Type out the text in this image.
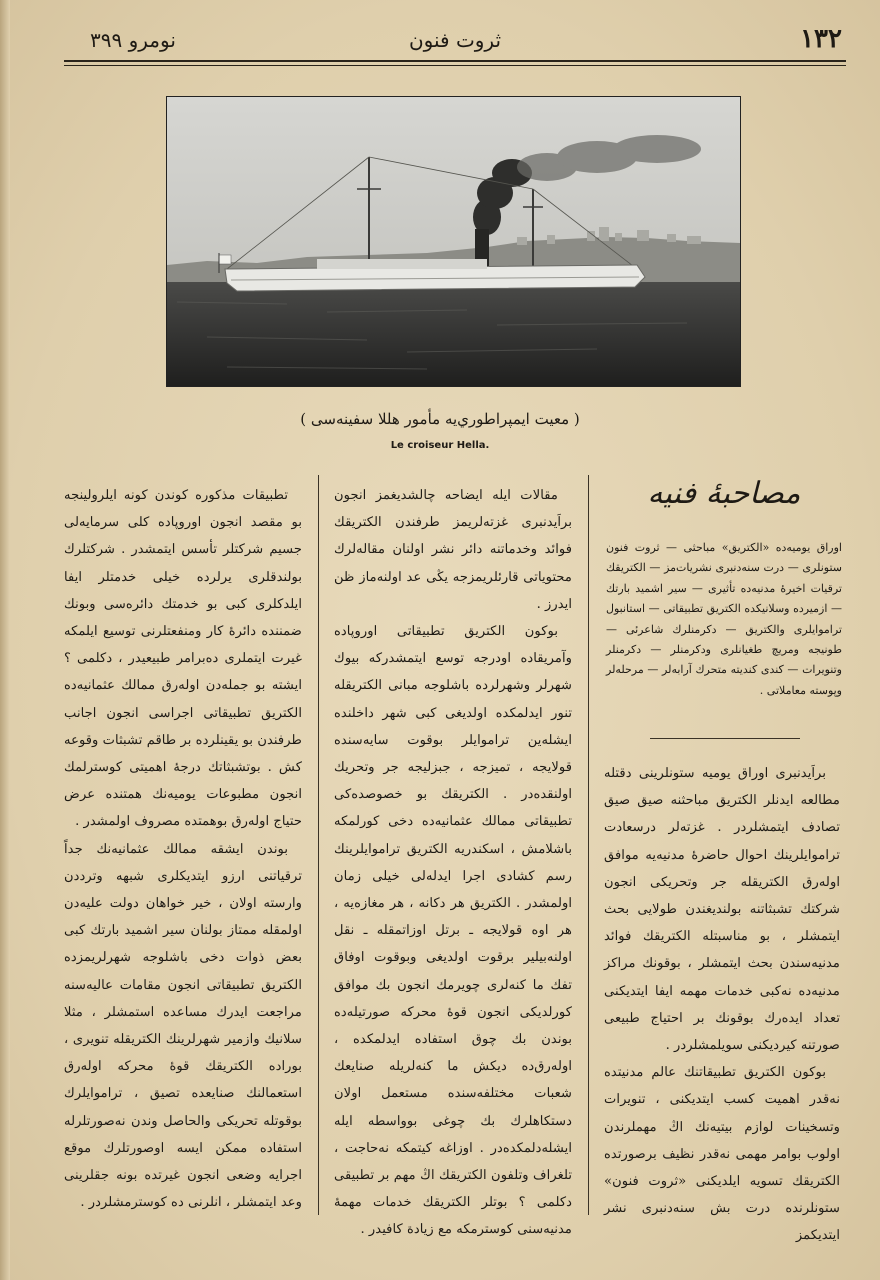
١٣٢
ثروت فنون
نومرو ٣٩٩
( معيت ايمپراطوري‌يه مأمور هللا سفينه‌سی )
Le croiseur Hella.
مصاحبهٔ فنيه
اوراق يوميه‌ده «الكتريق» مباحثی — ثروت فنون ستونلری — درت سنه‌دنبری نشريات‌مز — الكتريقك ترقيات اخيرهٔ مدنيه‌ده تأثيری — سير اشميد بارتك — ازميرده وسلانيكده الكتريق تطبيقاتی — استانبول تراموايلری والكتريق — دكرمنلرك شاعرئی — طونيجه ومريچ طغيانلری ودكرمنلر — دكرمنلر وتنويرات — كندی كنديته متحرك آرابه‌لر — مرحله‌لر وپوسته معاملاتی .

براَيدنبری اوراق يوميه ستونلرينی دقتله مطالعه ايدنلر الكتريق مباحثنه صيق صيق تصادف ايتمشلردر . غزته‌لر درسعادت تراموايلرينك احوال حاضرهٔ مدنيه‌يه موافق اولەرق الكتريقله جر وتحريكی انجون شركتك تشبثاتنه بولنديغندن طولايی بحث ايتمشلر ، بو مناسبتله الكتريقك فوائد مدنيه‌سندن بحث ايتمشلر ، بوقونك مراكز مدنيه‌ده نه‌كبی خدمات مهمه ايفا ايتديكنی تعداد ايده‌رك بوقونك بر احتياج طبيعی صورتنه كيرديكنی سويلمشلردر .

بوكون الكتريق تطبيقاتنك عالم مدنيتده نه‌قدر اهميت كسب ايتديكنی ، تنويرات وتسخينات لوازم بيتيه‌نك اڭ مهملرندن اولوب بوامر مهمی نه‌قدر نظيف برصورتده الكتريقك تسويه ايلديكنی «ثروت فنون» ستونلرنده درت بش سنه‌دنبری نشر ايتديكمز

مقالات ايله ايضاحه چالشديغمز انجون براَيدنبری غزته‌لريمز طرفندن الكتريقك فوائد وخدماتنه دائر نشر اولنان مقاله‌لرك محتوياتی قارئلريمزجه يڭی عد اولنه‌ماز ظن ايدرز .

بوكون الكتريق تطبيقاتی اوروپاده وآمريقاده اودرجه توسع ايتمشدركه بيوك شهرلر وشهرلرده باشلوجه مبانی الكتريقله تنور ايدلمكده اولديغی كبی شهر داخلنده ايشله‌ين تراموايلر بوقوت سايه‌سنده قولايجه ، تميزجه ، جبزليجه جر وتحريك اولنقده‌در . الكتريقك بو خصوصده‌كی تطبيقاتی ممالك عثمانيه‌ده دخی كورلمكه باشلامش ، اسكندريه الكتريق تراموايلرينك رسم كشادی اجرا ايدلەلی خيلی زمان اولمشدر . الكتريق هر دكانه ، هر مغازه‌يه ، هر اوه قولايجه ـ برتل اوزاتمقله ـ نقل اولنه‌بيلير برقوت اولديغی وبوقوت اوفاق تفك ما كنه‌لری چويرمك انجون بك موافق كورلديكی انجون قوهٔ محركه صورتيله‌ده بوندن بك چوق استفاده ايدلمكده ، اولەرق‌ده ديكش ما كنه‌لريله صنايعك شعبات مختلفه‌سنده مستعمل اولان دستكاهلرك بك چوغی بوواسطه ايله ايشله‌دلمكده‌در . اوزاغه كيتمكه نه‌حاجت ، تلغراف وتلفون الكتريقك اڭ مهم بر تطبيقی دكلمی ؟ بوتلر الكتريقك خدمات مهمهٔ مدنيه‌سنی كوسترمكه مع زيادة كافيدر .

تطبيقات مذكوره كوندن كونه ايلرولينجه بو مقصد انجون اوروپاده كلی سرمايه‌لی جسيم شركتلر تأسس ايتمشدر . شركتلرك بولندقلری يرلرده خيلی خدمتلر ايفا ايلدكلری كبی بو خدمتك دائره‌سی وبونك ضمننده دائرهٔ كار ومنفعتلرنی توسيع ايلمكه غيرت ايتملری ده‌برامر طبيعيدر ، دكلمی ؟ ايشته بو جمله‌دن اوله‌رق ممالك عثمانيه‌ده الكتريق تطبيقاتی اجراسی انجون اجانب طرفندن بو يقينلرده بر طاقم تشبثات وقوعه كش . بوتشبثاتك درجهٔ اهميتی كوسترلمك انجون مطبوعات يوميه‌نك همتنده عرض حتياج اوله‌رق بوهمتده مصروف اولمشدر .

بوندن ايشقه ممالك عثمانيه‌نك جداً ترقياتنی ارزو ايتديكلری شبهه وترددن وارسته اولان ، خير خواهان دولت عليه‌دن اولمقله ممتاز بولنان سير اشميد بارتك كبی بعض ذوات دخی باشلوجه شهرلريمزده الكتريق تطبيقاتی انجون مقامات عاليه‌سنه مراجعت ايدرك مساعده استمشلر ، مثلا سلانيك وازمير شهرلرينك الكتريقله تنويری ، بوراده الكتريقك قوهٔ محركه اوله‌رق استعمالنك صنايعده تصيق ، تراموايلرك بوقوتله تحريكی والحاصل وندن نه‌صورتلرله استفاده ممكن ايسه اوصورتلرك موقع اجرايه وضعی انجون غيرتده بونه جقلرينی وعد ايتمشلر ، انلرنی ده كوسترمشلردر .
